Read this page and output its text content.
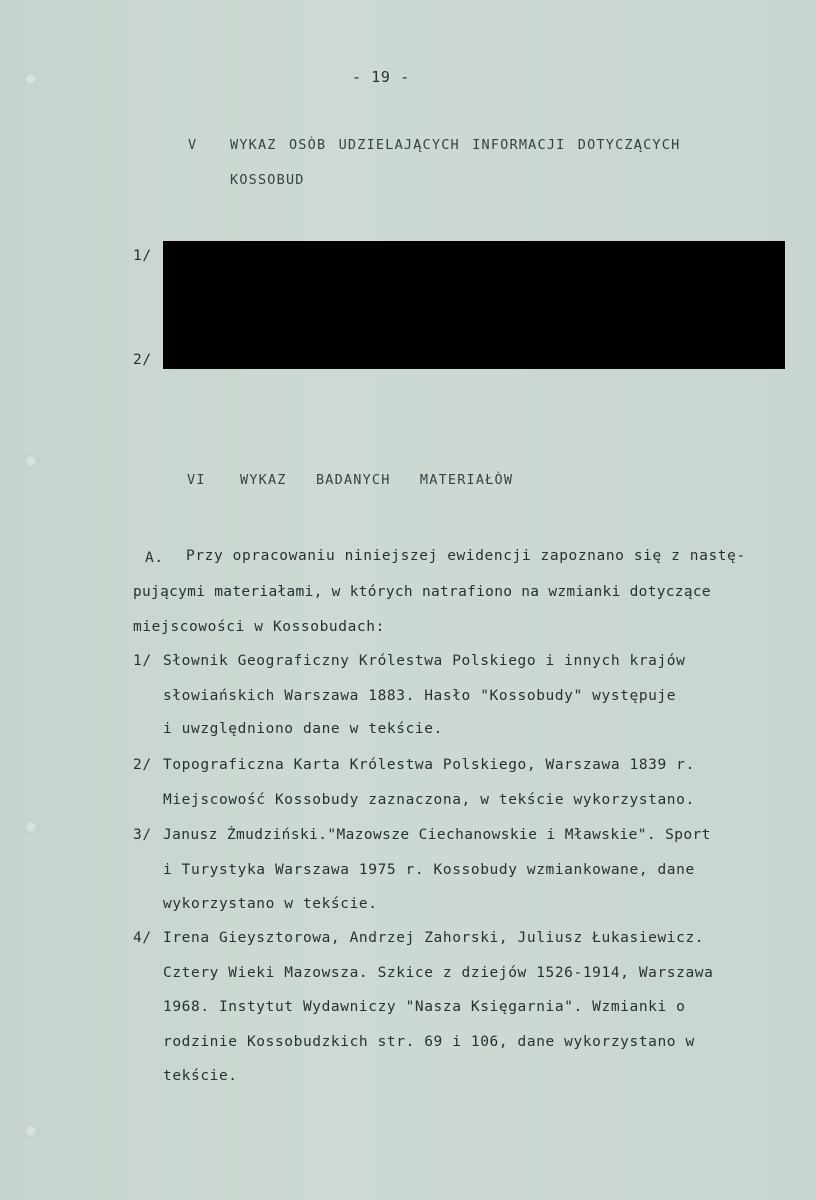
- 19 -
V WYKAZ OSÒB UDZIELAJĄCYCH INFORMACJI DOTYCZĄCYCH
KOSSOBUD
1/
2/
VI	WYKAZ BADANYCH MATERIAŁÒW
A. Przy opracowaniu niniejszej ewidencji zapoznano się z nastę-
pującymi materiałami, w których natrafiono na wzmianki dotyczące
miejscowości w Kossobudach:
1/ Słownik Geograficzny Królestwa Polskiego i innych krajów
słowiańskich Warszawa 1883. Hasło "Kossobudy" występuje
i uwzględniono dane w tekście.
2/ Topograficzna Karta Królestwa Polskiego, Warszawa 1839 r.
Miejscowość Kossobudy zaznaczona, w tekście wykorzystano.
3/ Janusz Żmudziński."Mazowsze Ciechanowskie i Mławskie". Sport
i Turystyka Warszawa 1975 r. Kossobudy wzmiankowane, dane
wykorzystano w tekście.
4/ Irena Gieysztorowa, Andrzej Zahorski, Juliusz Łukasiewicz.
Cztery Wieki Mazowsza. Szkice z dziejów 1526-1914, Warszawa
1968. Instytut Wydawniczy "Nasza Księgarnia". Wzmianki o
rodzinie Kossobudzkich str. 69 i 106, dane wykorzystano w
tekście.
